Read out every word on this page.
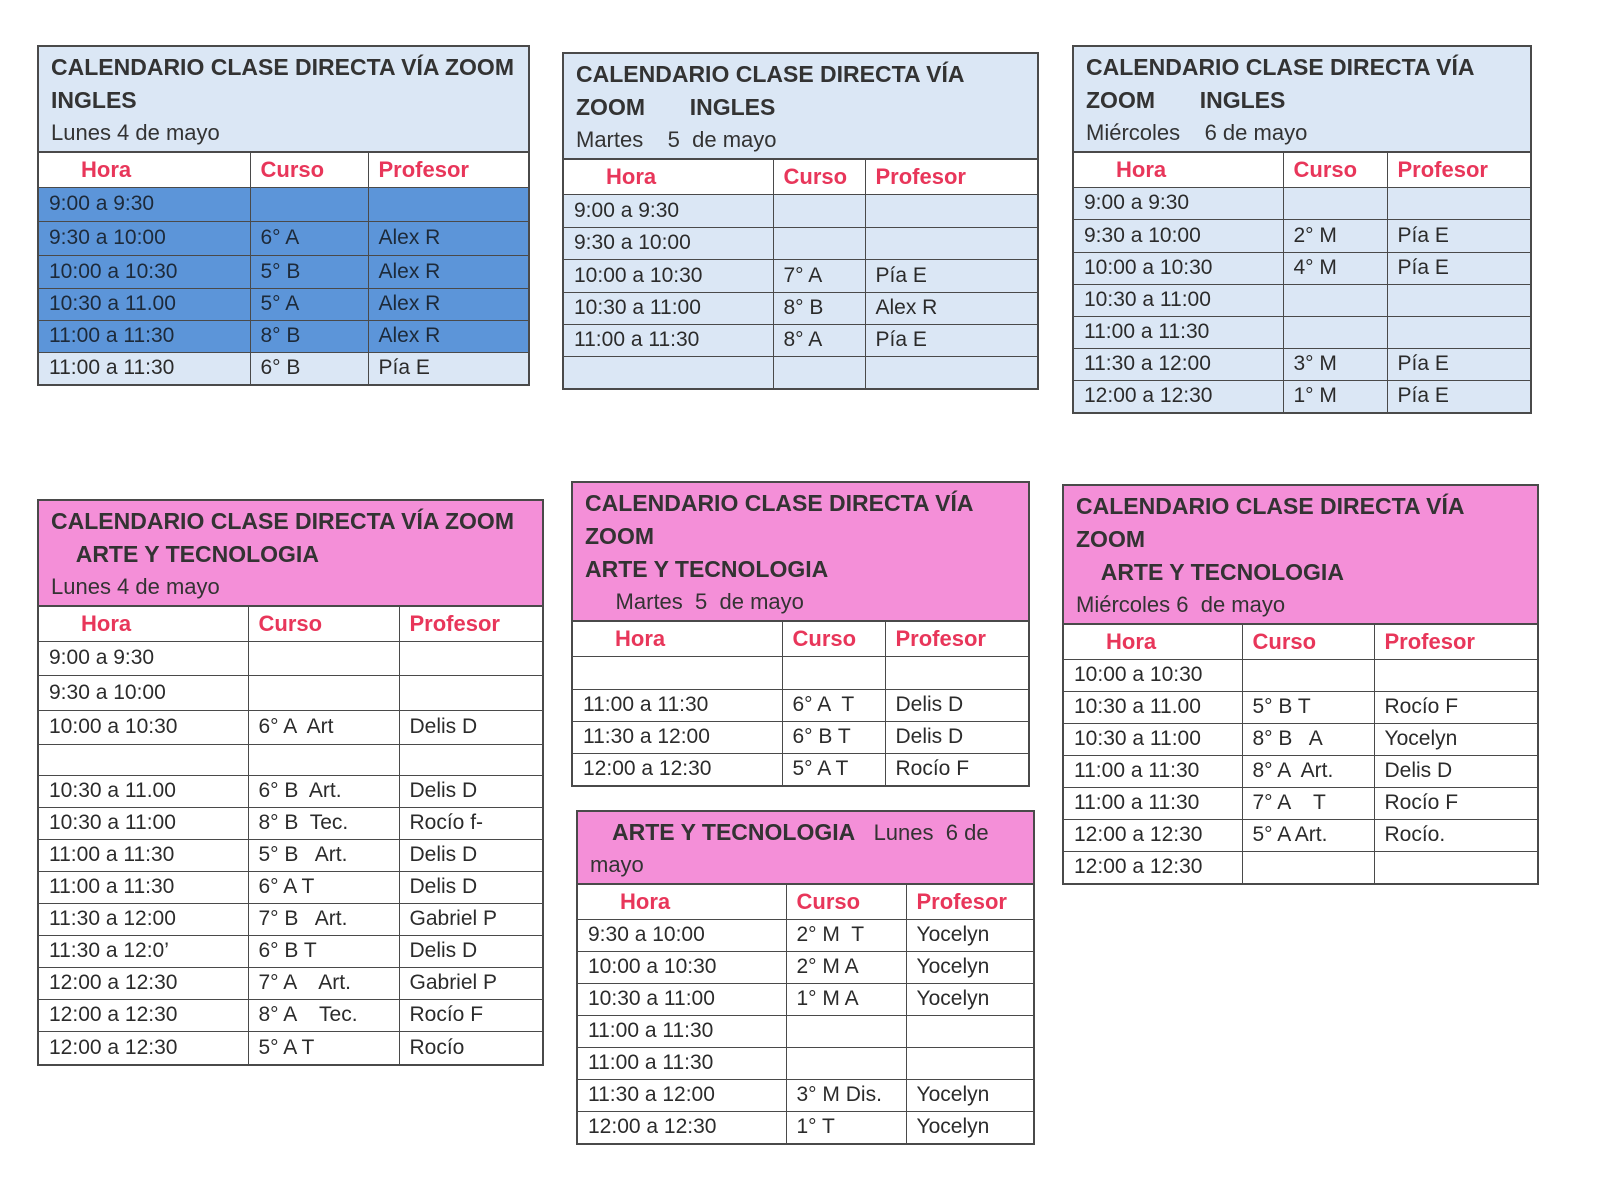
CALENDARIO CLASE DIRECTA VÍA ZOOM
INGLES
Lunes 4 de mayo
Hora	Curso	Profesor
9:00 a 9:30		
9:30 a 10:00	6° A	Alex R
10:00 a 10:30	5° B	Alex R
10:30 a 11.00	5° A	Alex R
11:00 a 11:30	8° B	Alex R
11:00 a 11:30	6° B	Pía E
CALENDARIO CLASE DIRECTA VÍA
ZOOM       INGLES
Martes    5  de mayo
Hora	Curso	Profesor
9:00 a 9:30		
9:30 a 10:00		
10:00 a 10:30	7° A	Pía E
10:30 a 11:00	8° B	Alex R
11:00 a 11:30	8° A	Pía E

CALENDARIO CLASE DIRECTA VÍA
ZOOM       INGLES
Miércoles    6 de mayo
Hora	Curso	Profesor
9:00 a 9:30		
9:30 a 10:00	2° M	Pía E
10:00 a 10:30	4° M	Pía E
10:30 a 11:00		
11:00 a 11:30		
11:30 a 12:00	3° M	Pía E
12:00 a 12:30	1° M	Pía E
CALENDARIO CLASE DIRECTA VÍA ZOOM
ARTE Y TECNOLOGIA
Lunes 4 de mayo
Hora	Curso	Profesor
9:00 a 9:30		
9:30 a 10:00		
10:00 a 10:30	6° A  Art	Delis D

10:30 a 11.00	6° B  Art.	Delis D
10:30 a 11:00	8° B  Tec.	Rocío f-
11:00 a 11:30	5° B   Art.	Delis D
11:00 a 11:30	6° A T	Delis D
11:30 a 12:00	7° B   Art.	Gabriel P
11:30 a 12:0’	6° B T	Delis D
12:00 a 12:30	7° A    Art.	Gabriel P
12:00 a 12:30	8° A    Tec.	Rocío F
12:00 a 12:30	5° A T	Rocío
CALENDARIO CLASE DIRECTA VÍA
ZOOM
ARTE Y TECNOLOGIA
Martes  5  de mayo
Hora	Curso	Profesor

11:00 a 11:30	6° A  T	Delis D
11:30 a 12:00	6° B T	Delis D
12:00 a 12:30	5° A T	Rocío F
CALENDARIO CLASE DIRECTA VÍA
ZOOM
ARTE Y TECNOLOGIA
Miércoles 6  de mayo
Hora	Curso	Profesor
10:00 a 10:30		
10:30 a 11.00	5° B T	Rocío F
10:30 a 11:00	8° B   A	Yocelyn
11:00 a 11:30	8° A  Art.	Delis D
11:00 a 11:30	7° A    T	Rocío F
12:00 a 12:30	5° A Art.	Rocío.
12:00 a 12:30		
ARTE Y TECNOLOGIA   Lunes  6 de
mayo
Hora	Curso	Profesor
9:30 a 10:00	2° M  T	Yocelyn
10:00 a 10:30	2° M A	Yocelyn
10:30 a 11:00	1° M A	Yocelyn
11:00 a 11:30		
11:00 a 11:30		
11:30 a 12:00	3° M Dis.	Yocelyn
12:00 a 12:30	1° T	Yocelyn
